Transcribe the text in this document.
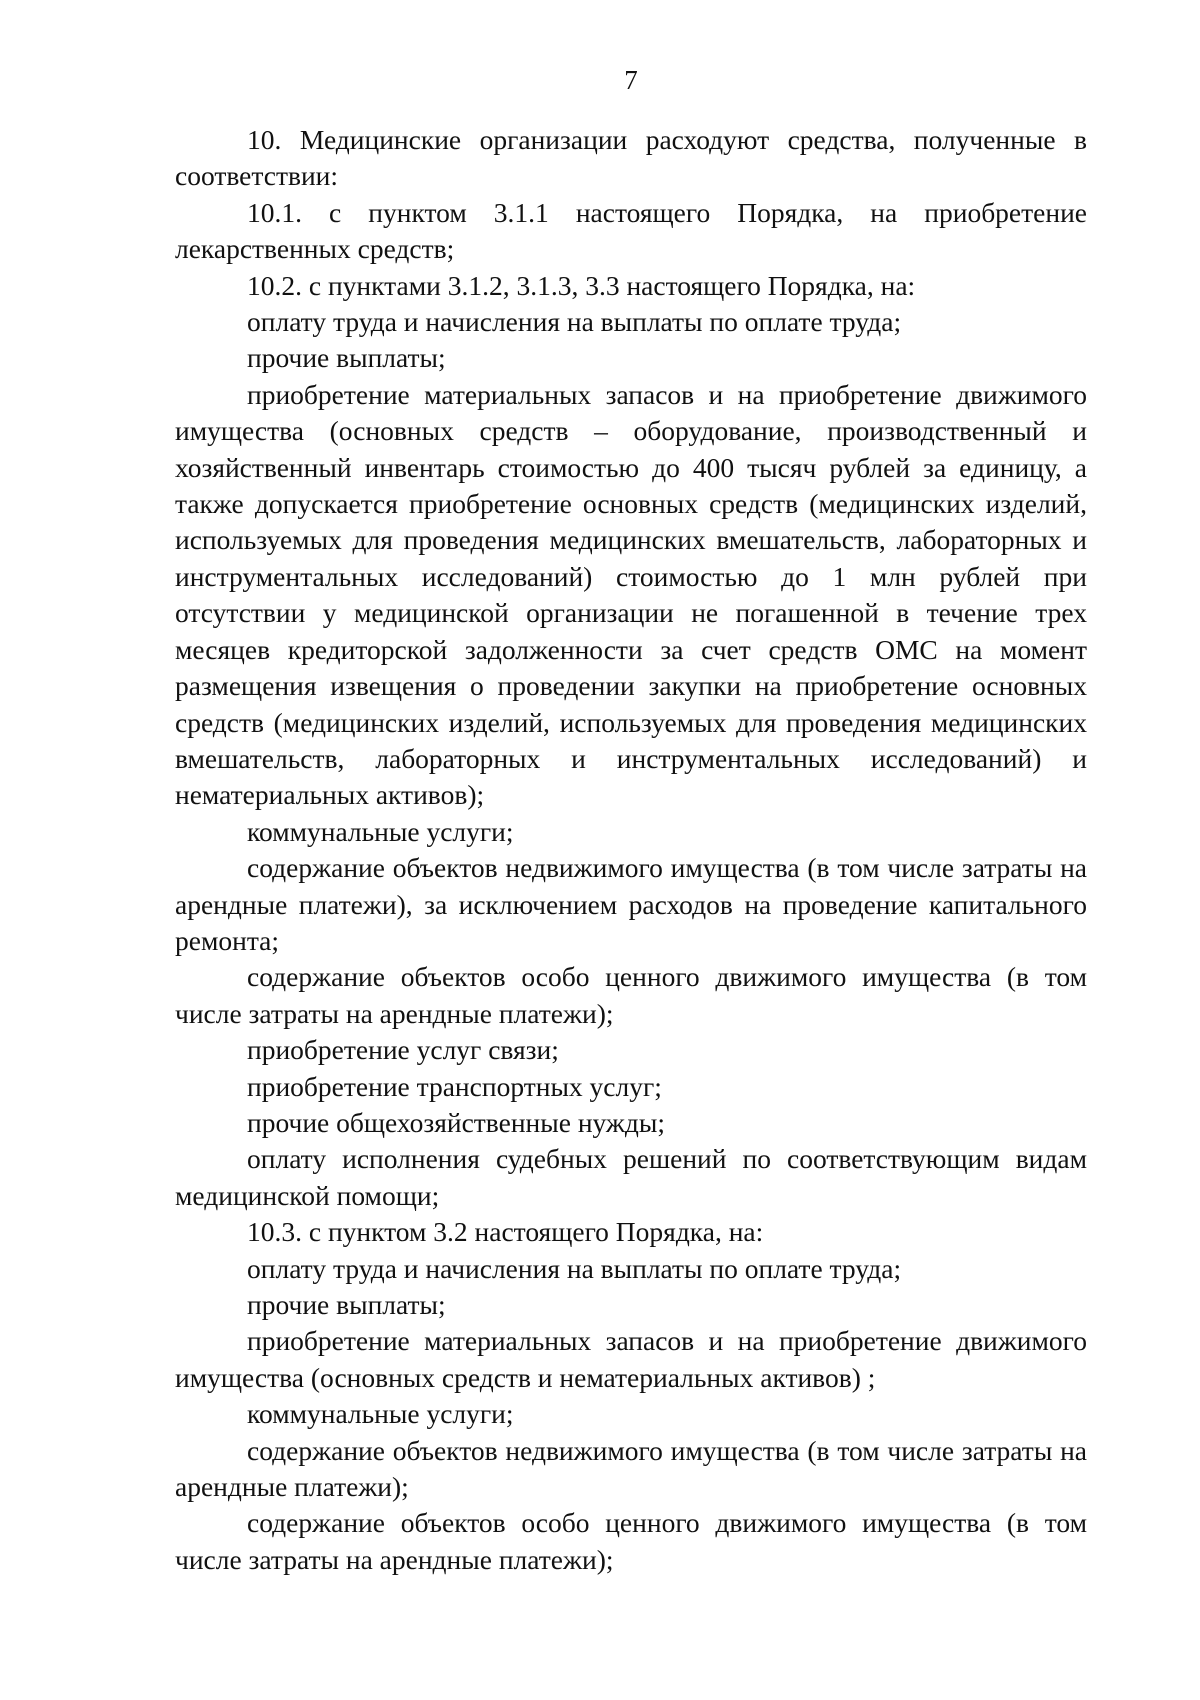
7

10. Медицинские организации расходуют средства, полученные в соответствии:

10.1. с пунктом 3.1.1 настоящего Порядка, на приобретение лекарственных средств;

10.2. с пунктами 3.1.2, 3.1.3, 3.3 настоящего Порядка, на:

оплату труда и начисления на выплаты по оплате труда;

прочие выплаты;

приобретение материальных запасов и на приобретение движимого имущества (основных средств – оборудование, производственный и хозяйственный инвентарь стоимостью до 400 тысяч рублей за единицу, а также допускается приобретение основных средств (медицинских изделий, используемых для проведения медицинских вмешательств, лабораторных и инструментальных исследований) стоимостью до 1 млн рублей при отсутствии у медицинской организации не погашенной в течение трех месяцев кредиторской задолженности за счет средств ОМС на момент размещения извещения о проведении закупки на приобретение основных средств (медицинских изделий, используемых для проведения медицинских вмешательств, лабораторных и инструментальных исследований) и нематериальных активов);

коммунальные услуги;

содержание объектов недвижимого имущества (в том числе затраты на арендные платежи), за исключением расходов на проведение капитального ремонта;

содержание объектов особо ценного движимого имущества (в том числе затраты на арендные платежи);

приобретение услуг связи;

приобретение транспортных услуг;

прочие общехозяйственные нужды;

оплату исполнения судебных решений по соответствующим видам медицинской помощи;

10.3. с пунктом 3.2 настоящего Порядка, на:

оплату труда и начисления на выплаты по оплате труда;

прочие выплаты;

приобретение материальных запасов и на приобретение движимого имущества (основных средств и нематериальных активов) ;

коммунальные услуги;

содержание объектов недвижимого имущества (в том числе затраты на арендные платежи);

содержание объектов особо ценного движимого имущества (в том числе затраты на арендные платежи);
